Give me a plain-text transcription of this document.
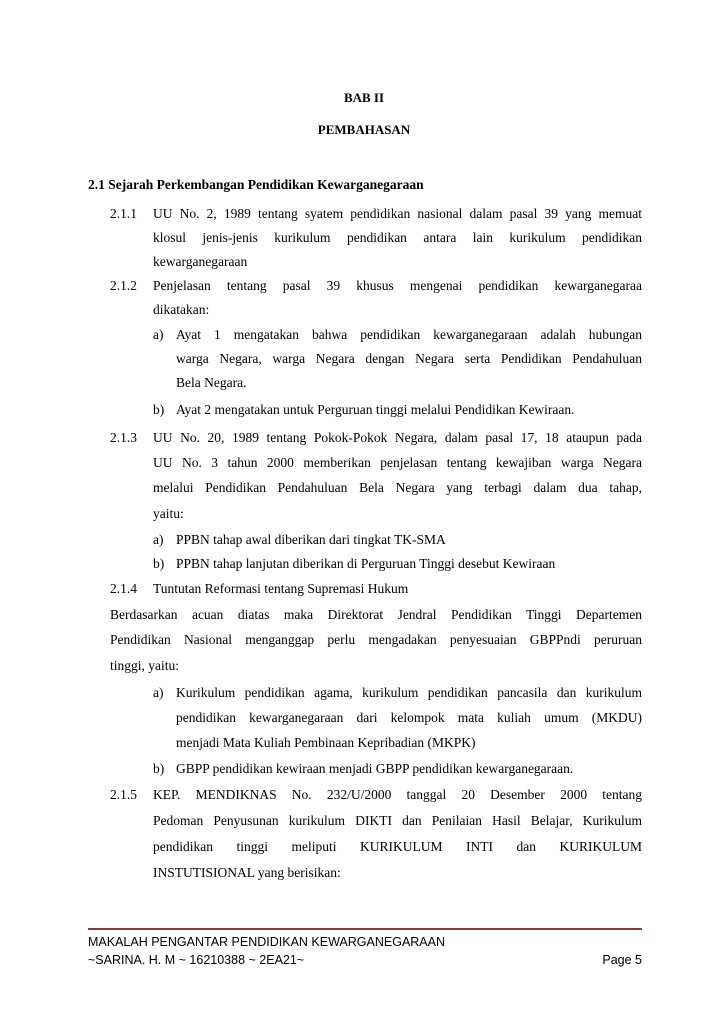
BAB II
PEMBAHASAN
2.1 Sejarah Perkembangan Pendidikan Kewarganegaraan
2.1.1 UU No. 2, 1989 tentang syatem pendidikan nasional dalam pasal 39 yang memuat
klosul jenis-jenis kurikulum pendidikan antara lain kurikulum pendidikan
kewarganegaraan
2.1.2 Penjelasan tentang pasal 39 khusus mengenai pendidikan kewarganegaraa
dikatakan:
a) Ayat 1 mengatakan bahwa pendidikan kewarganegaraan adalah hubungan
warga Negara, warga Negara dengan Negara serta Pendidikan Pendahuluan
Bela Negara.
b) Ayat 2 mengatakan untuk Perguruan tinggi melalui Pendidikan Kewiraan.
2.1.3 UU No. 20, 1989 tentang Pokok-Pokok Negara, dalam pasal 17, 18 ataupun pada
UU No. 3 tahun 2000 memberikan penjelasan tentang kewajiban warga Negara
melalui Pendidikan Pendahuluan Bela Negara yang terbagi dalam dua tahap,
yaitu:
a) PPBN tahap awal diberikan dari tingkat TK-SMA
b) PPBN tahap lanjutan diberikan di Perguruan Tinggi desebut Kewiraan
2.1.4 Tuntutan Reformasi tentang Supremasi Hukum
Berdasarkan acuan diatas maka Direktorat Jendral Pendidikan Tinggi Departemen
Pendidikan Nasional menganggap perlu mengadakan penyesuaian GBPPndi peruruan
tinggi, yaitu:
a) Kurikulum pendidikan agama, kurikulum pendidikan pancasila dan kurikulum
pendidikan kewarganegaraan dari kelompok mata kuliah umum (MKDU)
menjadi Mata Kuliah Pembinaan Kepribadian (MKPK)
b) GBPP pendidikan kewiraan menjadi GBPP pendidikan kewarganegaraan.
2.1.5 KEP. MENDIKNAS No. 232/U/2000 tanggal 20 Desember 2000 tentang
Pedoman Penyusunan kurikulum DIKTI dan Penilaian Hasil Belajar, Kurikulum
pendidikan tinggi meliputi KURIKULUM INTI dan KURIKULUM
INSTUTISIONAL yang berisikan:
MAKALAH PENGANTAR PENDIDIKAN KEWARGANEGARAAN
~SARINA. H. M ~ 16210388 ~ 2EA21~	Page 5
